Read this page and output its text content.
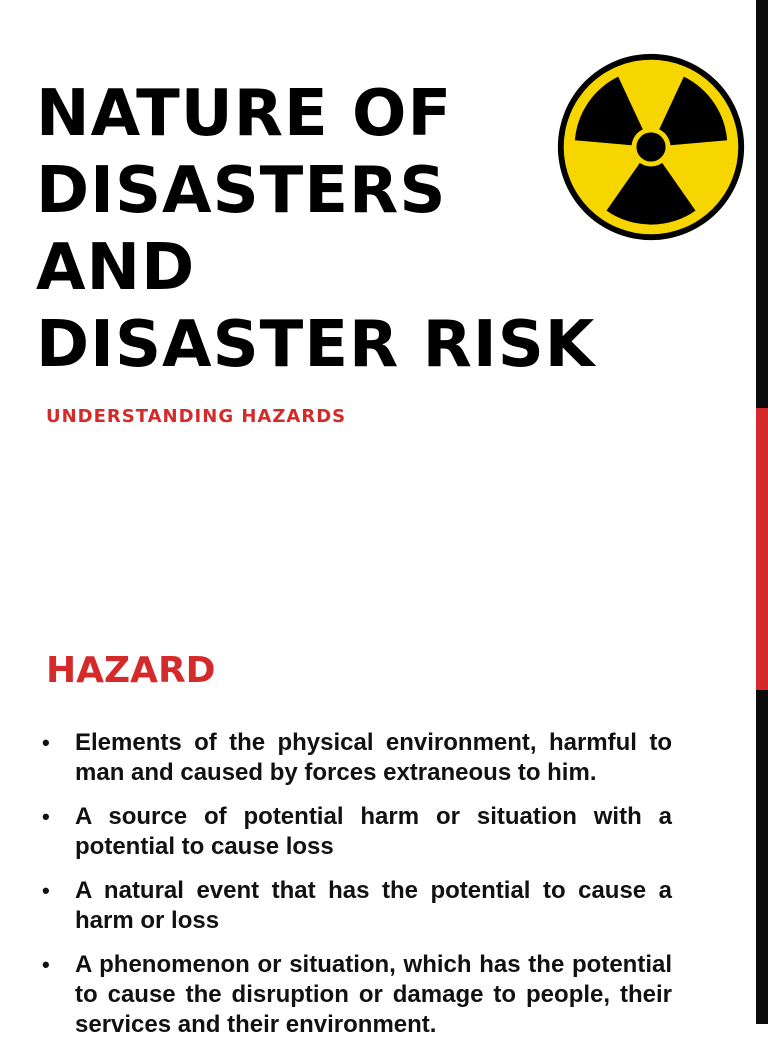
NATURE OF
DISASTERS
AND
DISASTER RISK
UNDERSTANDING HAZARDS
HAZARD
• Elements of the physical environment, harmful to man and caused by forces extraneous to him.
• A source of potential harm or situation with a potential to cause loss
• A natural event that has the potential to cause a harm or loss
• A phenomenon or situation, which has the potential to cause the disruption or damage to people, their services and their environment.
